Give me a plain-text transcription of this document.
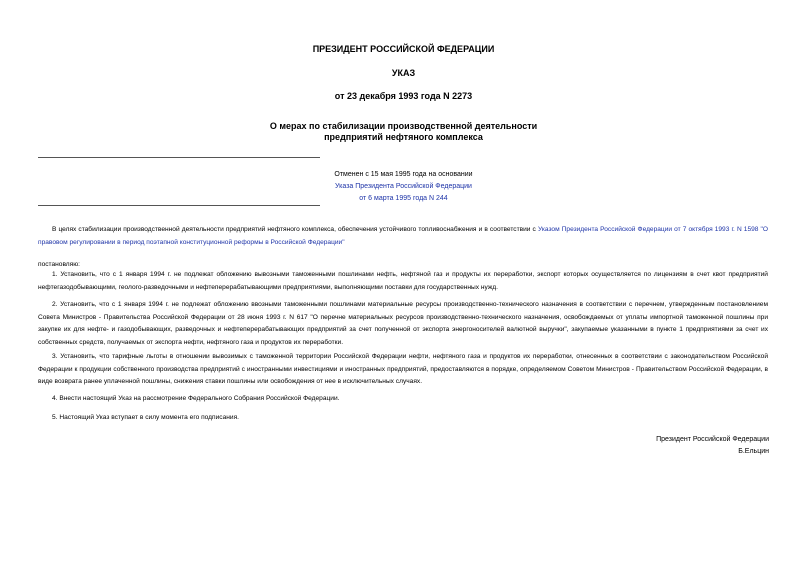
ПРЕЗИДЕНТ РОССИЙСКОЙ ФЕДЕРАЦИИ
УКАЗ
от 23 декабря 1993 года N 2273
О мерах по стабилизации производственной деятельности
предприятий нефтяного комплекса
Отменен с 15 мая 1995 года на основании
Указа Президента Российской Федерации
от 6 марта 1995 года N 244
В целях стабилизации производственной деятельности предприятий нефтяного комплекса, обеспечения устойчивого топливоснабжения и в соответствии с Указом Президента Российской Федерации от 7 октября 1993 г. N 1598 "О правовом регулировании в период поэтапной конституционной реформы в Российской Федерации"
постановляю:
1. Установить, что с 1 января 1994 г. не подлежат обложению вывозными таможенными пошлинами нефть, нефтяной газ и продукты их переработки, экспорт которых осуществляется по лицензиям в счет квот предприятий нефтегазодобывающими, геолого-разведочными и нефтеперерабатывающими предприятиями, выполняющими поставки для государственных нужд.
2. Установить, что с 1 января 1994 г. не подлежат обложению ввозными таможенными пошлинами материальные ресурсы производственно-технического назначения в соответствии с перечнем, утвержденным постановлением Совета Министров - Правительства Российской Федерации от 28 июня 1993 г. N 617 "О перечне материальных ресурсов производственно-технического назначения, освобождаемых от уплаты импортной таможенной пошлины при закупке их для нефте- и газодобывающих, разведочных и нефтеперерабатывающих предприятий за счет полученной от экспорта энергоносителей валютной выручки", закупаемые указанными в пункте 1 предприятиями за счет их собственных средств, получаемых от экспорта нефти, нефтяного газа и продуктов их переработки.
3. Установить, что тарифные льготы в отношении вывозимых с таможенной территории Российской Федерации нефти, нефтяного газа и продуктов их переработки, отнесенных в соответствии с законодательством Российской Федерации к продукции собственного производства предприятий с иностранными инвестициями и иностранных предприятий, предоставляются в порядке, определяемом Советом Министров - Правительством Российской Федерации, в виде возврата ранее уплаченной пошлины, снижения ставки пошлины или освобождения от нее в исключительных случаях.
4. Внести настоящий Указ на рассмотрение Федерального Собрания Российской Федерации.
5. Настоящий Указ вступает в силу момента его подписания.
Президент Российской Федерации
Б.Ельцин
